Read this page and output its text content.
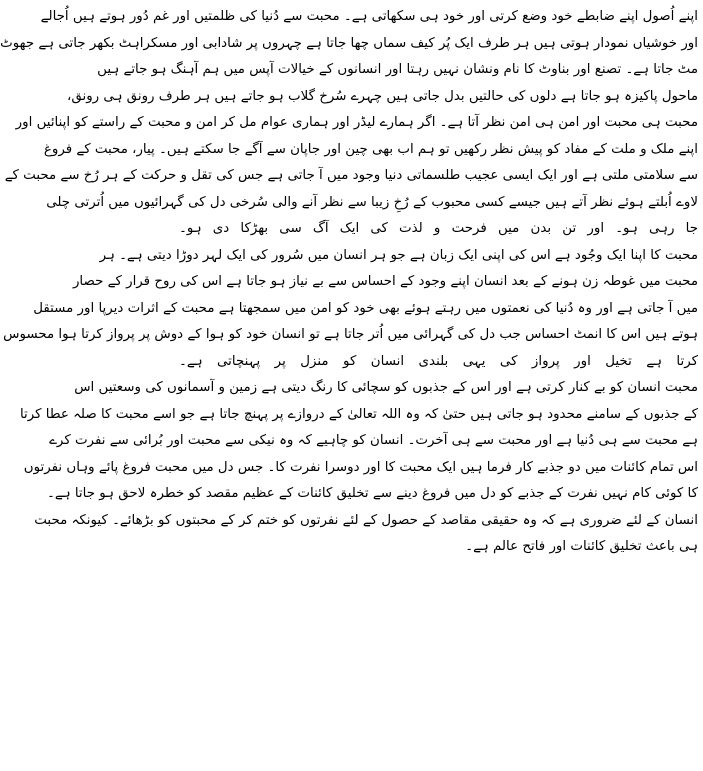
اپنے اُصول اپنے ضابطے خود وضع کرتی اور خود ہی سکھاتی ہے۔ محبت سے دُنیا کی ظلمتیں اور غم دُور ہوتے ہیں اُجالے
اور خوشیاں نمودار ہوتی ہیں ہر طرف ایک پُر کیف سماں چھا جاتا ہے چہروں پر شادابی اور مسکراہٹ بکھر جاتی ہے جھوٹ
مٹ جاتا ہے۔ تصنع اور بناوٹ کا نام ونشان نہیں رہتا اور انسانوں کے خیالات آپس میں ہم آہنگ ہو جاتے ہیں
ماحول پاکیزہ ہو جاتا ہے دلوں کی حالتیں بدل جاتی ہیں چہرے سُرخ گلاب ہو جاتے ہیں ہر طرف رونق ہی رونق،
محبت ہی محبت اور امن ہی امن نظر آتا ہے۔ اگر ہمارے لیڈر اور ہماری عوام مل کر امن و محبت کے راستے کو اپنائیں اور
اپنے ملک و ملت کے مفاد کو پیش نظر رکھیں تو ہم اب بھی چین اور جاپان سے آگے جا سکتے ہیں۔ پیار، محبت کے فروغ
سے سلامتی ملتی ہے اور ایک ایسی عجیب طلسماتی دنیا وجود میں آ جاتی ہے جس کی تقل و حرکت کے ہر رُخ سے محبت کے
لاوے اُبلتے ہوئے نظر آتے ہیں جیسے کسی محبوب کے رُخِ زیبا سے نظر آنے والی سُرخی دل کی گہرائیوں میں اُترتی چلی
جا رہی ہو۔ اور تن بدن میں فرحت و لذت کی ایک آگ سی بھڑکا دی ہو۔
محبت کا اپنا ایک وجُود ہے اس کی اپنی ایک زبان ہے جو ہر انسان میں سُرور کی ایک لہر دوڑا دیتی ہے۔ ہر
محبت میں غوطہ زن ہونے کے بعد انسان اپنے وجود کے احساس سے بے نیاز ہو جاتا ہے اس کی روح قرار کے حصار
میں آ جاتی ہے اور وہ دُنیا کی نعمتوں میں رہتے ہوئے بھی خود کو امن میں سمجھتا ہے محبت کے اثرات دیرپا اور مستقل
ہوتے ہیں اس کا انمٹ احساس جب دل کی گہرائی میں اُتر جاتا ہے تو انسان خود کو ہوا کے دوش پر پرواز کرتا ہوا محسوس
کرتا ہے تخیل اور پرواز کی یہی بلندی انسان کو منزل پر پہنچاتی ہے۔
محبت انسان کو بے کنار کرتی ہے اور اس کے جذبوں کو سچائی کا رنگ دیتی ہے زمین و آسمانوں کی وسعتیں اس
کے جذبوں کے سامنے محدود ہو جاتی ہیں حتیٰ کہ وہ اللہ تعالیٰ کے دروازے پر پہنچ جاتا ہے جو اسے محبت کا صلہ عطا کرتا
ہے محبت سے ہی دُنیا ہے اور محبت سے ہی آخرت۔ انسان کو چاہیے کہ وہ نیکی سے محبت اور بُرائی سے نفرت کرے
اس تمام کائنات میں دو جذبے کار فرما ہیں ایک محبت کا اور دوسرا نفرت کا۔ جس دل میں محبت فروغ پائے وہاں نفرتوں
کا کوئی کام نہیں نفرت کے جذبے کو دل میں فروغ دینے سے تخلیق کائنات کے عظیم مقصد کو خطرہ لاحق ہو جاتا ہے۔
انسان کے لئے ضروری ہے کہ وہ حقیقی مقاصد کے حصول کے لئے نفرتوں کو ختم کر کے محبتوں کو بڑھائے۔ کیونکہ محبت
ہی باعث تخلیق کائنات اور فاتح عالم ہے۔
